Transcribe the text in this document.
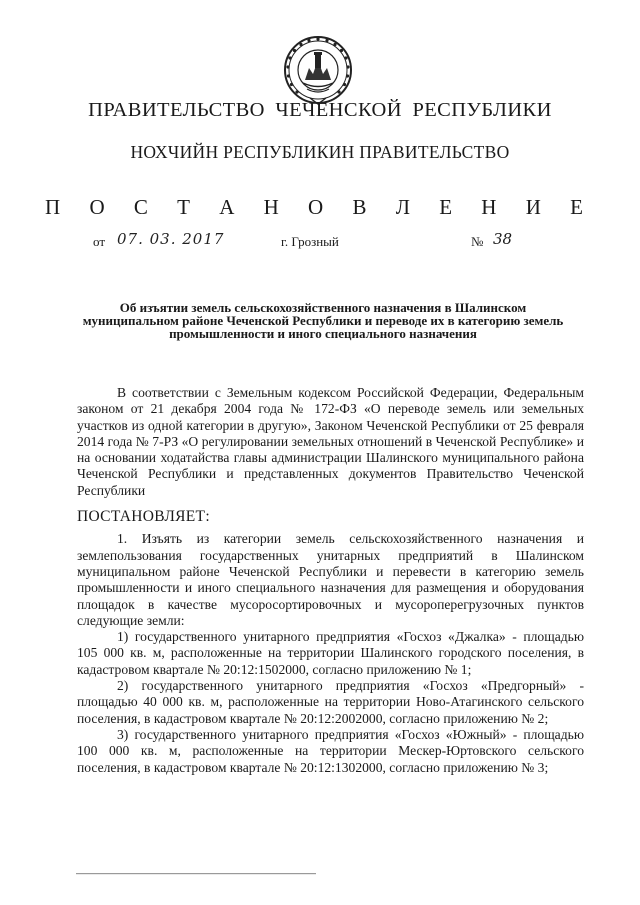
ПРАВИТЕЛЬСТВО ЧЕЧЕНСКОЙ РЕСПУБЛИКИ
НОХЧИЙН РЕСПУБЛИКИН ПРАВИТЕЛЬСТВО
П О С Т А Н О В Л Е Н И Е
от 07. 03. 2017	г. Грозный	№ 38
Об изъятии земель сельскохозяйственного назначения в Шалинском муниципальном районе Чеченской Республики и переводе их в категорию земель промышленности и иного специального назначения

В соответствии с Земельным кодексом Российской Федерации, Федеральным законом от 21 декабря 2004 года № 172-ФЗ «О переводе земель или земельных участков из одной категории в другую», Законом Чеченской Республики от 25 февраля 2014 года № 7-РЗ «О регулировании земельных отношений в Чеченской Республике» и на основании ходатайства главы администрации Шалинского муниципального района Чеченской Республики и представленных документов Правительство Чеченской Республики

ПОСТАНОВЛЯЕТ:

1. Изъять из категории земель сельскохозяйственного назначения и землепользования государственных унитарных предприятий в Шалинском муниципальном районе Чеченской Республики и перевести в категорию земель промышленности и иного специального назначения для размещения и оборудования площадок в качестве мусоросортировочных и мусороперегрузочных пунктов следующие земли:

1) государственного унитарного предприятия «Госхоз «Джалка» - площадью 105 000 кв. м, расположенные на территории Шалинского городского поселения, в кадастровом квартале № 20:12:1502000, согласно приложению № 1;

2) государственного унитарного предприятия «Госхоз «Предгорный» - площадью 40 000 кв. м, расположенные на территории Ново-Атагинского сельского поселения, в кадастровом квартале № 20:12:2002000, согласно приложению № 2;

3) государственного унитарного предприятия «Госхоз «Южный» - площадью 100 000 кв. м, расположенные на территории Мескер-Юртовского сельского поселения, в кадастровом квартале № 20:12:1302000, согласно приложению № 3;
